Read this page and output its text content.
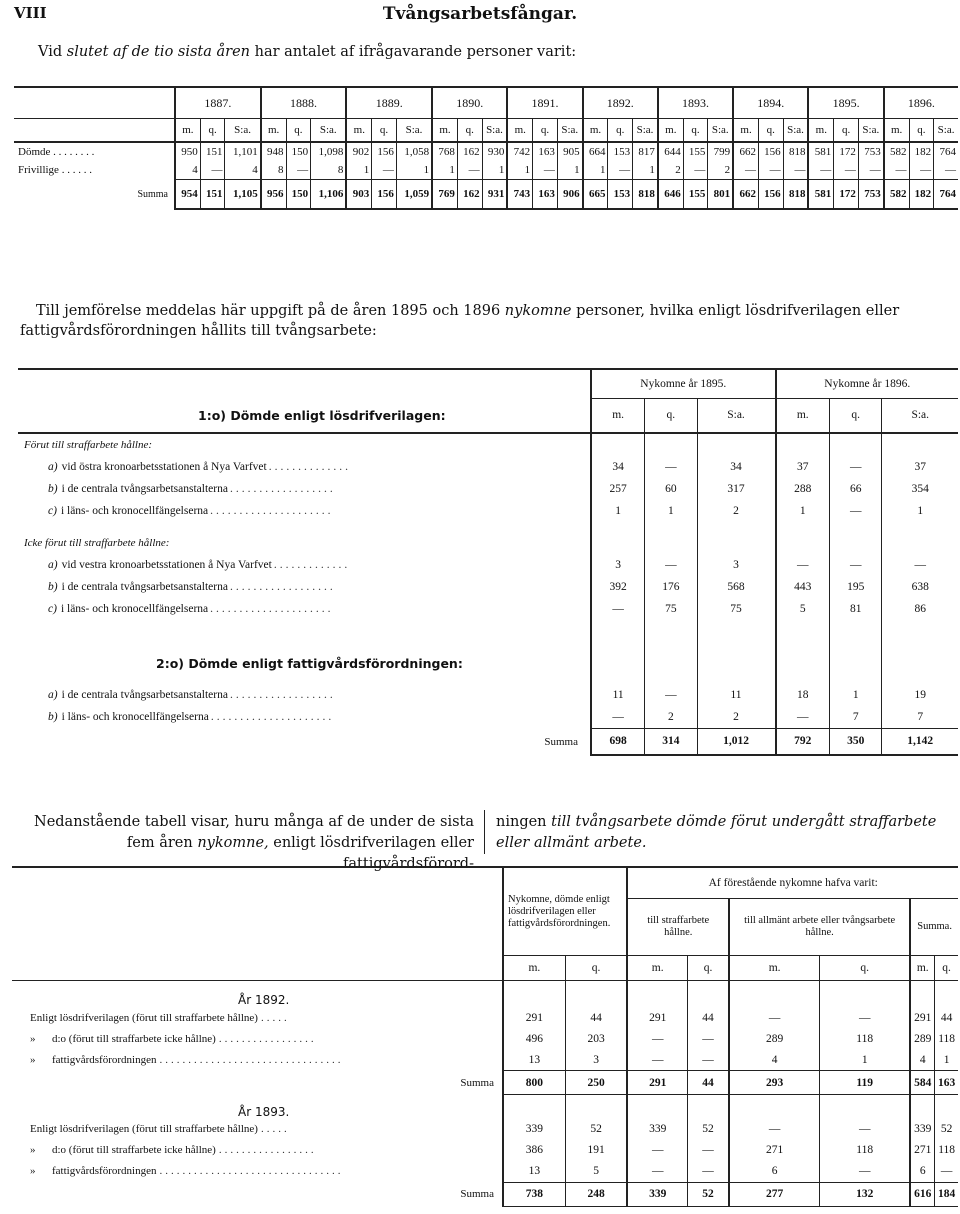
VIII	Tvångsarbetsfångar.
Vid slutet af de tio sista åren har antalet af ifrågavarande personer varit:
	1887.			1888.			1889.			1890.			1891.			1892.			1893.			1894.			1895.			1896.		
	m.	q.	S:a.	m.	q.	S:a.	m.	q.	S:a.	m.	q.	S:a.	m.	q.	S:a.	m.	q.	S:a.	m.	q.	S:a.	m.	q.	S:a.	m.	q.	S:a.	m.	q.	S:a.
Dömde . . . . . . . .	950	151	1,101	948	150	1,098	902	156	1,058	768	162	930	742	163	905	664	153	817	644	155	799	662	156	818	581	172	753	582	182	764
Frivillige . . . . . .	4	—	4	8	—	8	1	—	1	1	—	1	1	—	1	1	—	1	2	—	2	—	—	—	—	—	—	—	—	—
Summa	954	151	1,105	956	150	1,106	903	156	1,059	769	162	931	743	163	906	665	153	818	646	155	801	662	156	818	581	172	753	582	182	764
Till jemförelse meddelas här uppgift på de åren 1895 och 1896 nykomne personer, hvilka enligt lösdrifverilagen eller fattigvårdsförordningen hållits till tvångsarbete:
	Nykomne år 1895.			Nykomne år 1896.		
1:o) Dömde enligt lösdrifverilagen:	m.	q.	S:a.	m.	q.	S:a.
Förut till straffarbete hållne:						
a) vid östra kronoarbetsstationen å Nya Varfvet ..............	34	—	34	37	—	37
b) i de centrala tvångsarbetsanstalterna ..................	257	60	317	288	66	354
c) i läns- och kronocellfängelserna .....................	1	1	2	1	—	1

Icke förut till straffarbete hållne:						
a) vid vestra kronoarbetsstationen å Nya Varfvet .............	3	—	3	—	—	—
b) i de centrala tvångsarbetsanstalterna ..................	392	176	568	443	195	638
c) i läns- och kronocellfängelserna .....................	—	75	75	5	81	86

2:o) Dömde enligt fattigvårdsförordningen:						

a) i de centrala tvångsarbetsanstalterna ..................	11	—	11	18	1	19
b) i läns- och kronocellfängelserna .....................	—	2	2	—	7	7
Summa	698	314	1,012	792	350	1,142
Nedanstående tabell visar, huru många af de under de sista
fem åren nykomne, enligt lösdrifverilagen eller fattigvårdsförord-
ningen till tvångsarbete dömde förut undergått straffarbete eller allmänt arbete.
	Nykomne, dömde enligt lösdrifverilagen eller fattigvårdsförordningen.		Af förestående nykomne hafva varit:					
			till straffarbete hållne.		till allmänt arbete eller tvångsarbete hållne.		Summa.	
	m.	q.	m.	q.	m.	q.	m.	q.
År 1892.								
Enligt lösdrifverilagen (förut till straffarbete hållne) .....	291	44	291	44	—	—	291	44
» d:o (förut till straffarbete icke hållne) .................	496	203	—	—	289	118	289	118
» fattigvårdsförordningen ................................	13	3	—	—	4	1	4	1
Summa	800	250	291	44	293	119	584	163
År 1893.								
Enligt lösdrifverilagen (förut till straffarbete hållne) .....	339	52	339	52	—	—	339	52
» d:o (förut till straffarbete icke hållne) .................	386	191	—	—	271	118	271	118
» fattigvårdsförordningen ................................	13	5	—	—	6	—	6	—
Summa	738	248	339	52	277	132	616	184
